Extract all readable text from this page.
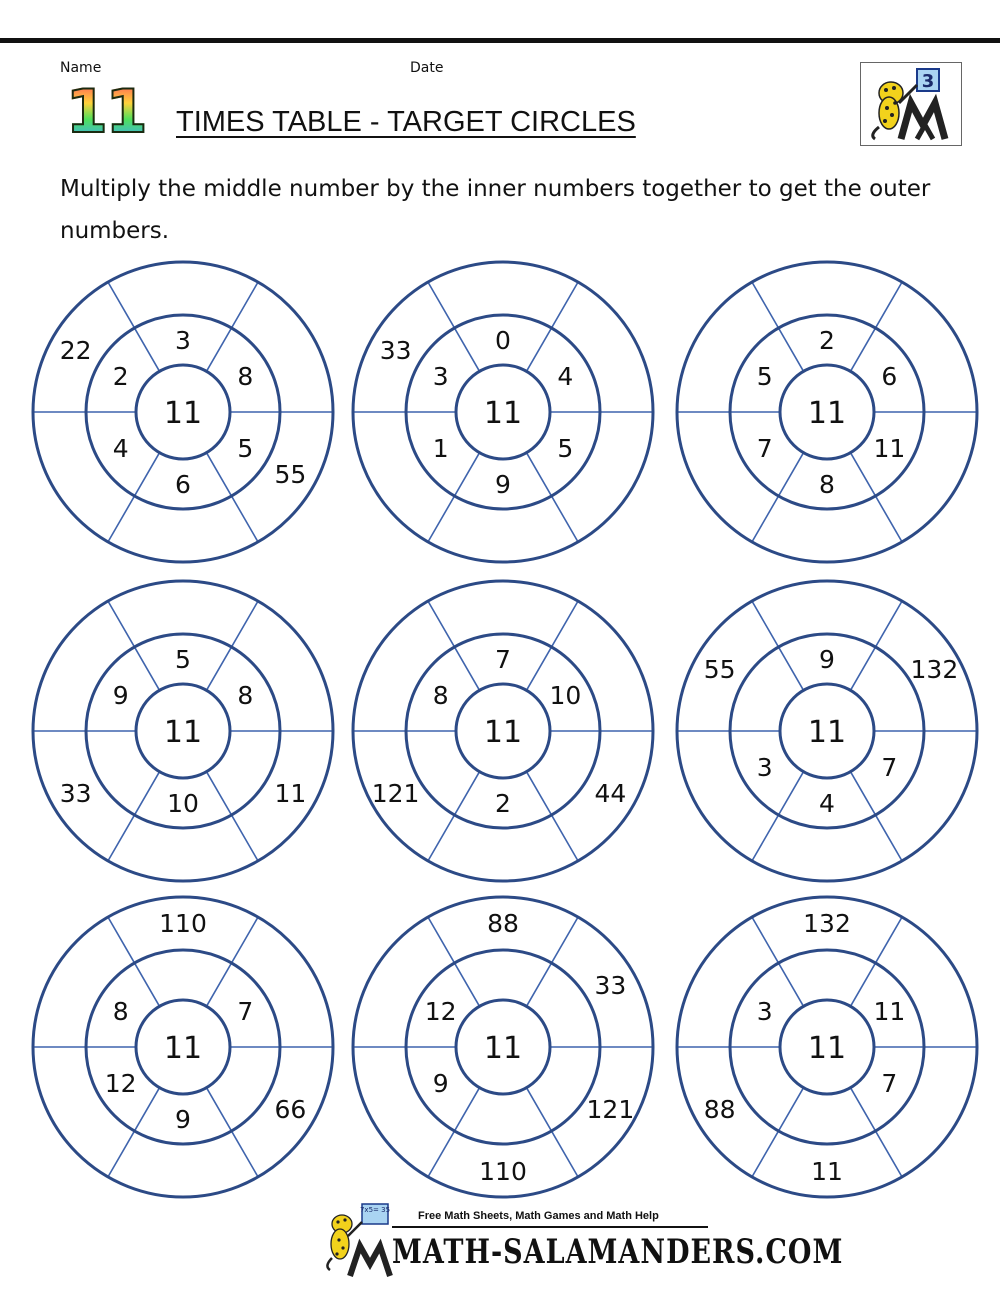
Name	Date
11 TIMES TABLE - TARGET CIRCLES
3
Multiply the middle number by the inner numbers together to get the outer numbers.
11
3
8
5
6
4
2
55
22
11
0
4
5
9
1
3
33
11
2
6
11
8
7
5
11
5
8
10
9
11
33
11
7
10
2
8
44
121
11
9
7
4
3
132
55
11
7
9
12
8
110
66
11
9
12
88
33
121
110
11
11
7
3
132
11
88
7x5= 35	Free Math Sheets, Math Games and Math Help
MATH-SALAMANDERS.COM
